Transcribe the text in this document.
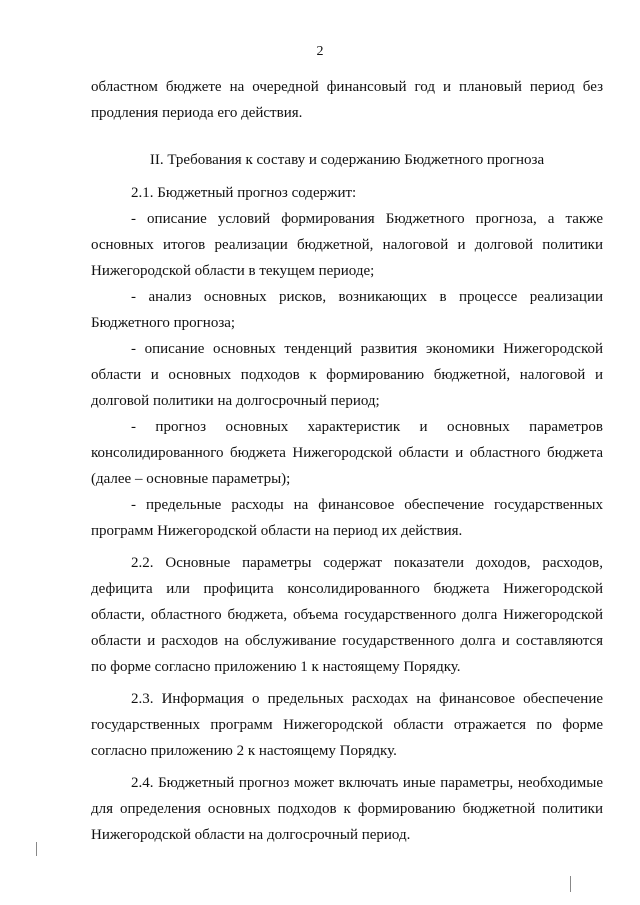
2

областном бюджете на очередной финансовый год и плановый период без продления периода его действия.

II. Требования к составу и содержанию Бюджетного прогноза

2.1. Бюджетный прогноз содержит:

- описание условий формирования Бюджетного прогноза, а также основных итогов реализации бюджетной, налоговой и долговой политики Нижегородской области в текущем периоде;

- анализ основных рисков, возникающих в процессе реализации Бюджетного прогноза;

- описание основных тенденций развития экономики Нижегородской области и основных подходов к формированию бюджетной, налоговой и долговой политики на долгосрочный период;

- прогноз основных характеристик и основных параметров консолидированного бюджета Нижегородской области и областного бюджета (далее – основные параметры);

- предельные расходы на финансовое обеспечение государственных программ Нижегородской области на период их действия.

2.2. Основные параметры содержат показатели доходов, расходов, дефицита или профицита консолидированного бюджета Нижегородской области, областного бюджета, объема государственного долга Нижегородской области и расходов на обслуживание государственного долга и составляются по форме согласно приложению 1 к настоящему Порядку.

2.3. Информация о предельных расходах на финансовое обеспечение государственных программ Нижегородской области отражается по форме согласно приложению 2 к настоящему Порядку.

2.4. Бюджетный прогноз может включать иные параметры, необходимые для определения основных подходов к формированию бюджетной политики Нижегородской области на долгосрочный период.
